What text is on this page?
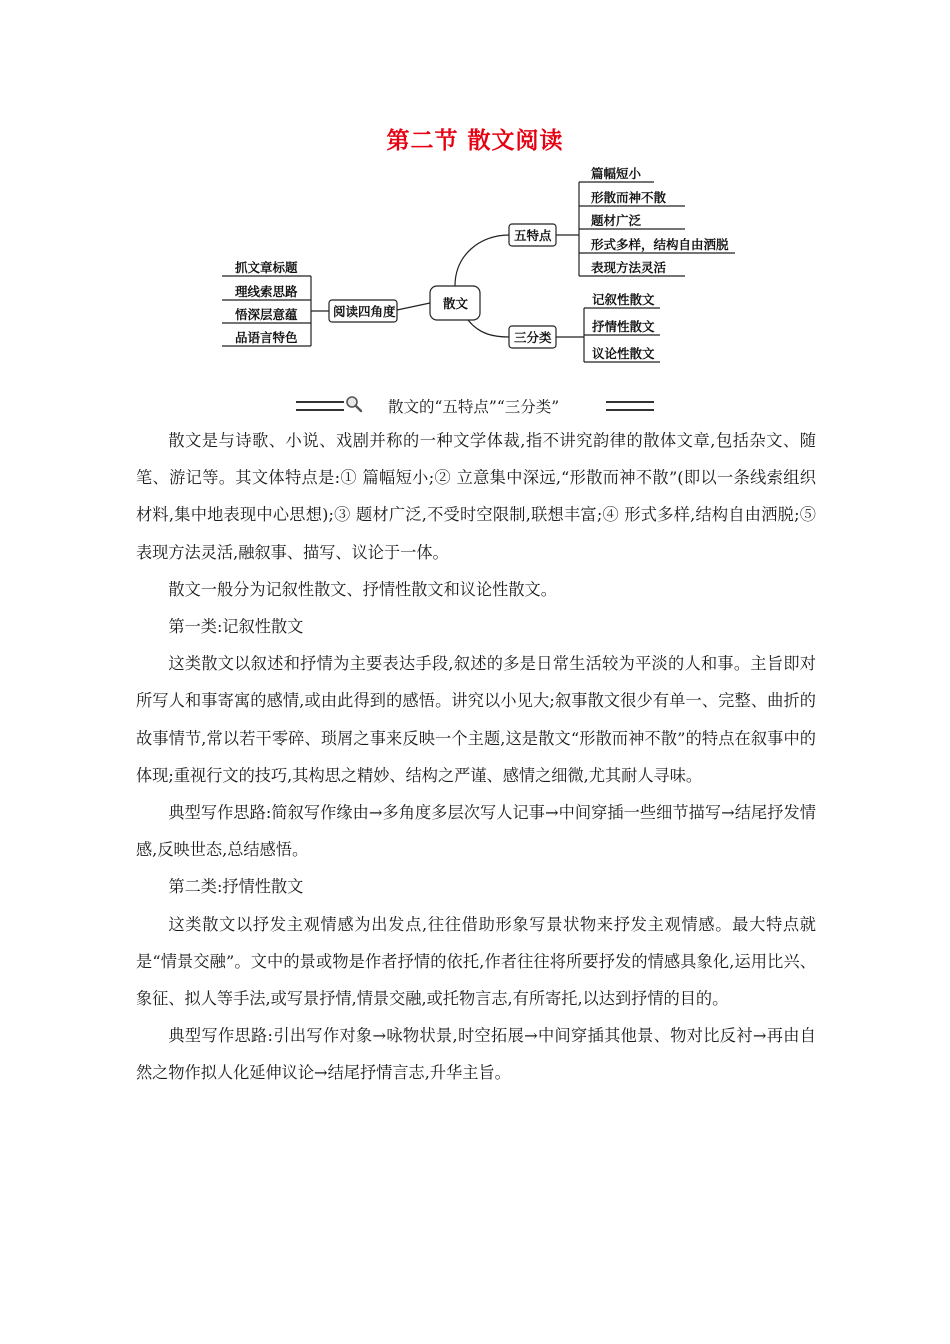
第二节 散文阅读
散文
阅读四角度
五特点
三分类
抓文章标题
理线索思路
悟深层意蕴
品语言特色
篇幅短小
形散而神不散
题材广泛
形式多样，结构自由洒脱
表现方法灵活
记叙性散文
抒情性散文
议论性散文
散文的“五特点”“三分类”

散文是与诗歌、小说、戏剧并称的一种文学体裁,指不讲究韵律的散体文章,包括杂文、随笔、游记等。其文体特点是:① 篇幅短小;② 立意集中深远,“形散而神不散”(即以一条线索组织材料,集中地表现中心思想);③ 题材广泛,不受时空限制,联想丰富;④ 形式多样,结构自由洒脱;⑤ 表现方法灵活,融叙事、描写、议论于一体。

散文一般分为记叙性散文、抒情性散文和议论性散文。

第一类:记叙性散文

这类散文以叙述和抒情为主要表达手段,叙述的多是日常生活较为平淡的人和事。主旨即对所写人和事寄寓的感情,或由此得到的感悟。讲究以小见大;叙事散文很少有单一、完整、曲折的故事情节,常以若干零碎、琐屑之事来反映一个主题,这是散文“形散而神不散”的特点在叙事中的体现;重视行文的技巧,其构思之精妙、结构之严谨、感情之细微,尤其耐人寻味。

典型写作思路:简叙写作缘由→多角度多层次写人记事→中间穿插一些细节描写→结尾抒发情感,反映世态,总结感悟。

第二类:抒情性散文

这类散文以抒发主观情感为出发点,往往借助形象写景状物来抒发主观情感。最大特点就是“情景交融”。文中的景或物是作者抒情的依托,作者往往将所要抒发的情感具象化,运用比兴、象征、拟人等手法,或写景抒情,情景交融,或托物言志,有所寄托,以达到抒情的目的。

典型写作思路:引出写作对象→咏物状景,时空拓展→中间穿插其他景、物对比反衬→再由自然之物作拟人化延伸议论→结尾抒情言志,升华主旨。
